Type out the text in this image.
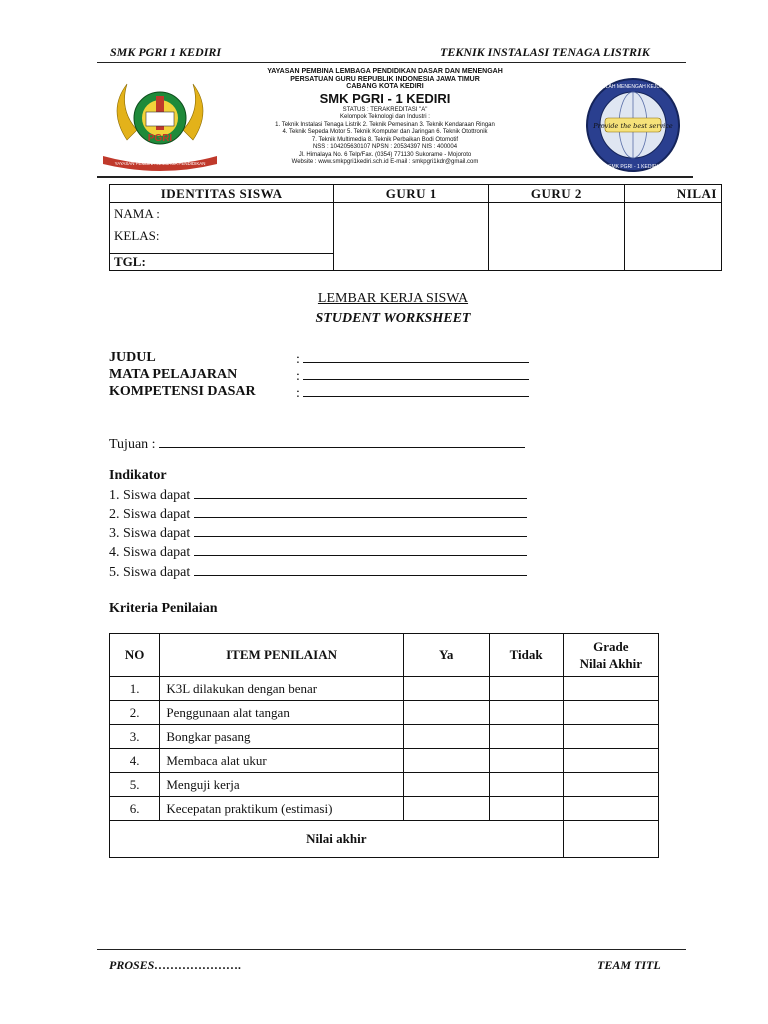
SMK PGRI 1 KEDIRI	TEKNIK INSTALASI TENAGA LISTRIK
PGRI
YAYASAN PEMBINA LEMBAGA PENDIDIKAN
YAYASAN PEMBINA LEMBAGA PENDIDIKAN DASAR DAN MENENGAH
PERSATUAN GURU REPUBLIK INDONESIA JAWA TIMUR
CABANG KOTA KEDIRI
SMK PGRI - 1 KEDIRI
STATUS : TERAKREDITASI "A"
Kelompok Teknologi dan Industri :
1. Teknik Instalasi Tenaga Listrik 2. Teknik Pemesinan 3. Teknik Kendaraan Ringan
4. Teknik Sepeda Motor 5. Teknik Komputer dan Jaringan 6. Teknik Otottronik
7. Teknik Multimedia 8. Teknik Perbaikan Bodi Otomotif
NSS : 104205630107 NPSN : 20534397 NIS : 400004
Jl. Himalaya No. 6 Telp/Fax. (0354) 771130 Sukorame - Mojoroto
Website : www.smkpgri1kediri.sch.id E-mail : smkpgri1kdr@gmail.com
Provide the best service
SEKOLAH MENENGAH KEJURUAN
SMK PGRI - 1 KEDIRI
IDENTITAS SISWA	GURU 1	GURU 2	NILAI

NAMA :
KELAS:			

TGL:			
LEMBAR KERJA SISWA
STUDENT WORKSHEET
JUDUL	:
MATA PELAJARAN	:
KOMPETENSI DASAR	:
Tujuan :
Indikator
1. Siswa dapat
2. Siswa dapat
3. Siswa dapat
4. Siswa dapat
5. Siswa dapat
Kriteria Penilaian
NO	ITEM PENILAIAN	Ya	Tidak	Grade
Nilai Akhir
1.	K3L dilakukan dengan benar			
2.	Penggunaan alat tangan			
3.	Bongkar pasang			
4.	Membaca alat ukur			
5.	Menguji kerja			
6.	Kecepatan praktikum (estimasi)			
Nilai akhir				
PROSES………………….	TEAM TITL
